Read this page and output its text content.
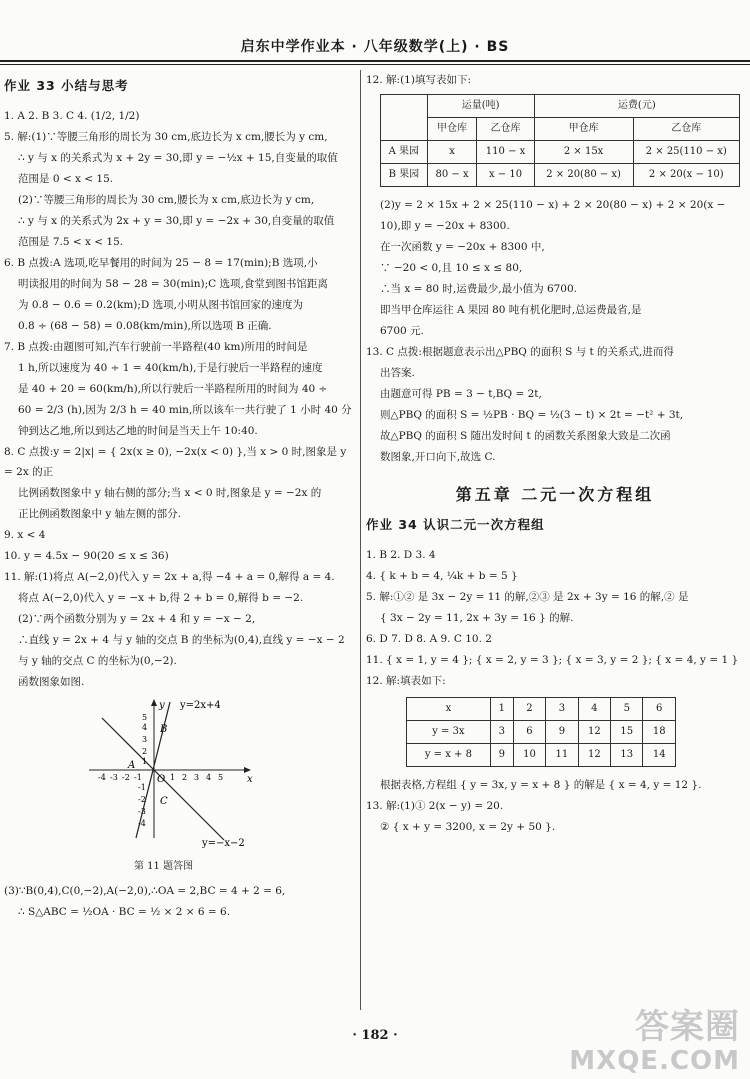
启东中学作业本 · 八年级数学(上) · BS
作业 33 小结与思考

1. A 2. B 3. C 4. (1/2, 1/2)

5. 解:(1)∵等腰三角形的周长为 30 cm,底边长为 x cm,腰长为 y cm,

∴ y 与 x 的关系式为 x + 2y = 30,即 y = −½x + 15,自变量的取值

范围是 0 < x < 15.

(2)∵等腰三角形的周长为 30 cm,腰长为 x cm,底边长为 y cm,

∴ y 与 x 的关系式为 2x + y = 30,即 y = −2x + 30,自变量的取值

范围是 7.5 < x < 15.

6. B 点拨:A 选项,吃早餐用的时间为 25 − 8 = 17(min);B 选项,小

明读报用的时间为 58 − 28 = 30(min);C 选项,食堂到图书馆距离

为 0.8 − 0.6 = 0.2(km);D 选项,小明从图书馆回家的速度为

0.8 ÷ (68 − 58) = 0.08(km/min),所以选项 B 正确.

7. B 点拨:由题图可知,汽车行驶前一半路程(40 km)所用的时间是

1 h,所以速度为 40 ÷ 1 = 40(km/h),于是行驶后一半路程的速度

是 40 + 20 = 60(km/h),所以行驶后一半路程所用的时间为 40 ÷

60 = 2/3 (h),因为 2/3 h = 40 min,所以该车一共行驶了 1 小时 40 分

钟到达乙地,所以到达乙地的时间是当天上午 10:40.

8. C 点拨:y = 2|x| = { 2x(x ≥ 0), −2x(x < 0) },当 x > 0 时,图象是 y = 2x 的正

比例函数图象中 y 轴右侧的部分;当 x < 0 时,图象是 y = −2x 的

正比例函数图象中 y 轴左侧的部分.

9. x < 4

10. y = 4.5x − 90(20 ≤ x ≤ 36)

11. 解:(1)将点 A(−2,0)代入 y = 2x + a,得 −4 + a = 0,解得 a = 4.

将点 A(−2,0)代入 y = −x + b,得 2 + b = 0,解得 b = −2.

(2)∵两个函数分别为 y = 2x + 4 和 y = −x − 2,

∴直线 y = 2x + 4 与 y 轴的交点 B 的坐标为(0,4),直线 y = −x − 2

与 y 轴的交点 C 的坐标为(0,−2).

函数图象如图.

y=2x+4
y=−x−2
x
y
O
A
B
C
5
4
3
2
1
-1
-2
-3
-4
-4 -3 -2 -1	1 2 3 4 5
第 11 题答图

(3)∵B(0,4),C(0,−2),A(−2,0),∴OA = 2,BC = 4 + 2 = 6,

∴ S△ABC = ½OA · BC = ½ × 2 × 6 = 6.

12. 解:(1)填写表如下:

	运量(吨)		运费(元)	
	甲仓库	乙仓库	甲仓库	乙仓库
A 果园	x	110 − x	2 × 15x	2 × 25(110 − x)
B 果园	80 − x	x − 10	2 × 20(80 − x)	2 × 20(x − 10)

(2)y = 2 × 15x + 2 × 25(110 − x) + 2 × 20(80 − x) + 2 × 20(x −

10),即 y = −20x + 8300.

在一次函数 y = −20x + 8300 中,

∵ −20 < 0,且 10 ≤ x ≤ 80,

∴当 x = 80 时,运费最少,最小值为 6700.

即当甲仓库运往 A 果园 80 吨有机化肥时,总运费最省,是

6700 元.

13. C 点拨:根据题意表示出△PBQ 的面积 S 与 t 的关系式,进而得

出答案.

由题意可得 PB = 3 − t,BQ = 2t,

则△PBQ 的面积 S = ½PB · BQ = ½(3 − t) × 2t = −t² + 3t,

故△PBQ 的面积 S 随出发时间 t 的函数关系图象大致是二次函

数图象,开口向下,故选 C.

第五章 二元一次方程组
作业 34 认识二元一次方程组

1. B 2. D 3. 4

4. { k + b = 4, ¼k + b = 5 }

5. 解:①② 是 3x − 2y = 11 的解,②③ 是 2x + 3y = 16 的解,② 是

{ 3x − 2y = 11, 2x + 3y = 16 } 的解.

6. D 7. D 8. A 9. C 10. 2

11. { x = 1, y = 4 }; { x = 2, y = 3 }; { x = 3, y = 2 }; { x = 4, y = 1 }

12. 解:填表如下:

x	1	2	3	4	5	6
y = 3x	3	6	9	12	15	18
y = x + 8	9	10	11	12	13	14

根据表格,方程组 { y = 3x, y = x + 8 } 的解是 { x = 4, y = 12 }.

13. 解:(1)① 2(x − y) = 20.

② { x + y = 3200, x = 2y + 50 }.

· 182 ·	答案圈
MXQE.COM
